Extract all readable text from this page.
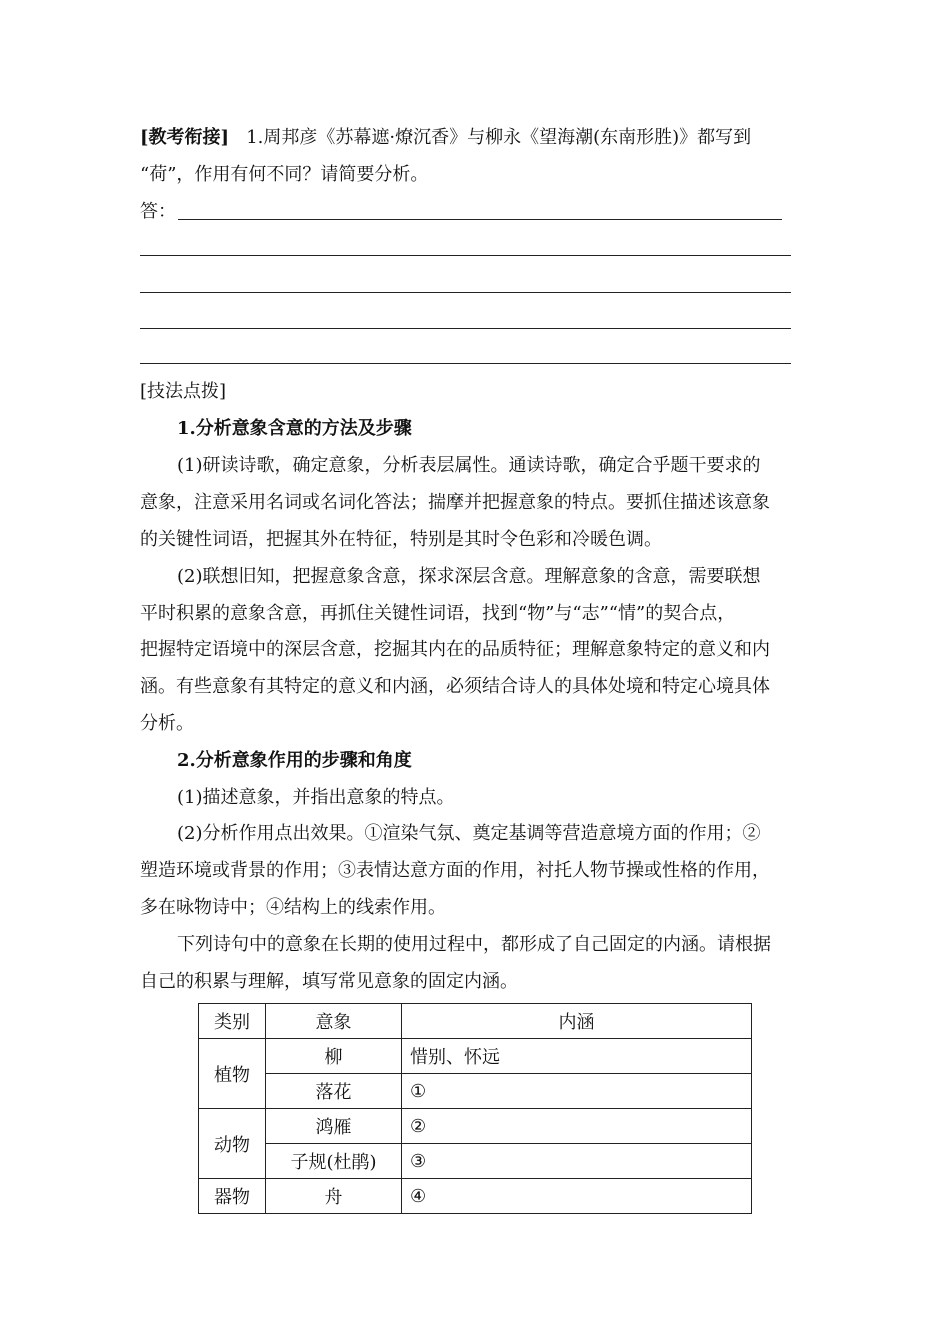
[教考衔接] 1.周邦彦《苏幕遮·燎沉香》与柳永《望海潮(东南形胜)》都写到
“荷”，作用有何不同？请简要分析。
答：
[技法点拨]
1.分析意象含意的方法及步骤
(1)研读诗歌，确定意象，分析表层属性。通读诗歌，确定合乎题干要求的
意象，注意采用名词或名词化答法；揣摩并把握意象的特点。要抓住描述该意象
的关键性词语，把握其外在特征，特别是其时令色彩和冷暖色调。
(2)联想旧知，把握意象含意，探求深层含意。理解意象的含意，需要联想
平时积累的意象含意，再抓住关键性词语，找到“物”与“志”“情”的契合点，
把握特定语境中的深层含意，挖掘其内在的品质特征；理解意象特定的意义和内
涵。有些意象有其特定的意义和内涵，必须结合诗人的具体处境和特定心境具体
分析。
2.分析意象作用的步骤和角度
(1)描述意象，并指出意象的特点。
(2)分析作用点出效果。①渲染气氛、奠定基调等营造意境方面的作用；②
塑造环境或背景的作用；③表情达意方面的作用，衬托人物节操或性格的作用，
多在咏物诗中；④结构上的线索作用。
下列诗句中的意象在长期的使用过程中，都形成了自己固定的内涵。请根据
自己的积累与理解，填写常见意象的固定内涵。
类别	意象	内涵
植物	柳	惜别、怀远
	落花	①
动物	鸿雁	②
	子规(杜鹃)	③
器物	舟	④
